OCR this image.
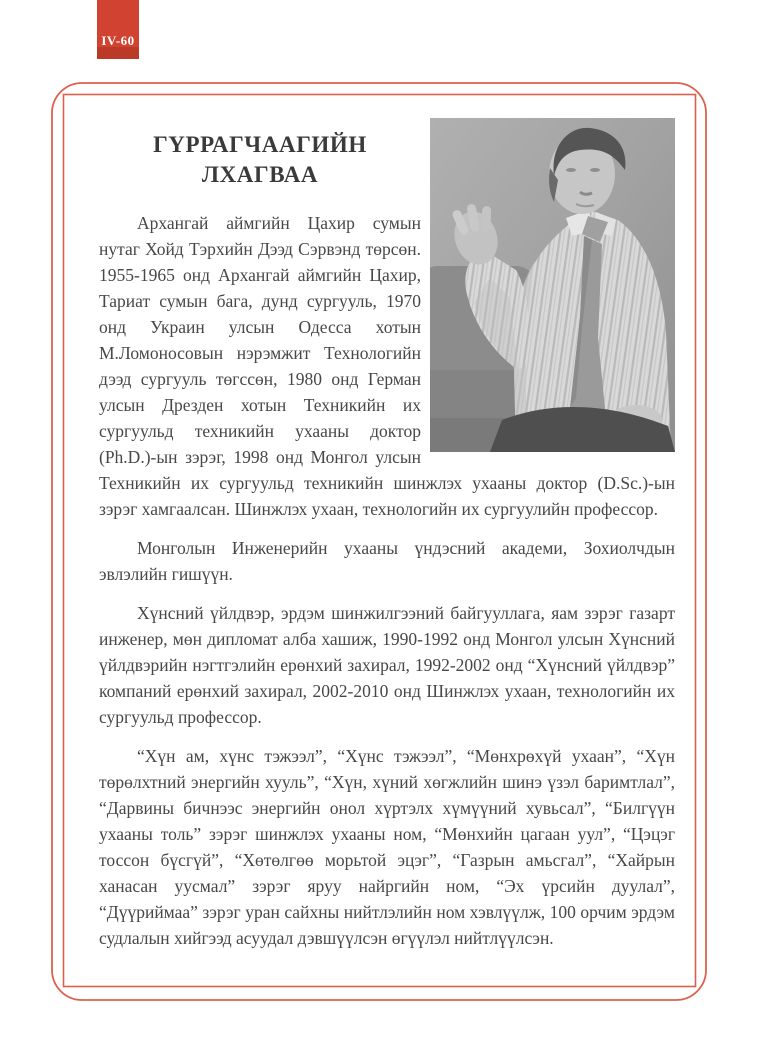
IV-60
ГҮРРАГЧААГИЙН ЛХАГВАА

Архангай аймгийн Цахир сумын нутаг Хойд Тэрхийн Дээд Сэрвэнд төрсөн. 1955-1965 онд Архангай аймгийн Цахир, Тариат сумын бага, дунд сургууль, 1970 онд Украин улсын Одесса хотын М.Ломоносовын нэрэмжит Технологийн дээд сургууль төгссөн, 1980 онд Герман улсын Дрезден хотын Техникийн их сургуульд техникийн ухааны доктор (Ph.D.)-ын зэрэг, 1998 онд Монгол улсын Техникийн их сургуульд техникийн шинжлэх ухааны доктор (D.Sc.)-ын зэрэг хамгаалсан. Шинжлэх ухаан, технологийн их сургуулийн профессор.

Монголын Инженерийн ухааны үндэсний академи, Зохиолчдын эвлэлийн гишүүн.

Хүнсний үйлдвэр, эрдэм шинжилгээний байгууллага, яам зэрэг газарт инженер, мөн дипломат алба хашиж, 1990-1992 онд Монгол улсын Хүнсний үйлдвэрийн нэгтгэлийн ерөнхий захирал, 1992-2002 онд “Хүнсний үйлдвэр” компаний ерөнхий захирал, 2002-2010 онд Шинжлэх ухаан, технологийн их сургуульд профессор.

“Хүн ам, хүнс тэжээл”, “Хүнс тэжээл”, “Мөнхрөхүй ухаан”, “Хүн төрөлхтний энергийн хууль”, “Хүн, хүний хөгжлийн шинэ үзэл баримтлал”, “Дарвины бичнээс энергийн онол хүртэлх хүмүүний хувьсал”, “Билгүүн ухааны толь” зэрэг шинжлэх ухааны ном, “Мөнхийн цагаан уул”, “Цэцэг тоссон бүсгүй”, “Хөтөлгөө морьтой эцэг”, “Газрын амьсгал”, “Хайрын ханасан уусмал” зэрэг яруу найргийн ном, “Эх үрсийн дуулал”, “Дүүриймаа” зэрэг уран сайхны нийтлэлийн ном хэвлүүлж, 100 орчим эрдэм судлалын хийгээд асуудал дэвшүүлсэн өгүүлэл нийтлүүлсэн.
